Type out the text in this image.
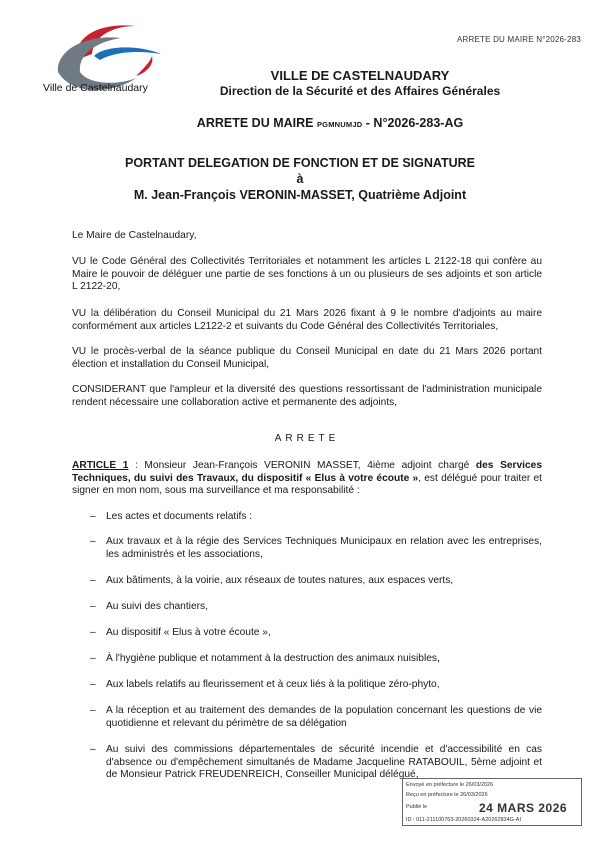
ARRETE DU MAIRE N°2026-283
Ville de Castelnaudary
VILLE DE CASTELNAUDARY
Direction de la Sécurité et des Affaires Générales
ARRETE DU MAIRE PGMNUMJD - N°2026-283-AG
PORTANT DELEGATION DE FONCTION ET DE SIGNATURE
à
M. Jean-François VERONIN-MASSET, Quatrième Adjoint
Le Maire de Castelnaudary,
VU le Code Général des Collectivités Territoriales et notamment les articles L 2122-18 qui confère au Maire le pouvoir de déléguer une partie de ses fonctions à un ou plusieurs de ses adjoints et son article L 2122-20,
VU la délibération du Conseil Municipal du 21 Mars 2026 fixant à 9 le nombre d'adjoints au maire conformément aux articles L2122-2 et suivants du Code Général des Collectivités Territoriales,
VU le procès-verbal de la séance publique du Conseil Municipal en date du 21 Mars 2026 portant élection et installation du Conseil Municipal,
CONSIDERANT que l'ampleur et la diversité des questions ressortissant de l'administration municipale rendent nécessaire une collaboration active et permanente des adjoints,
ARRETE
ARTICLE 1 : Monsieur Jean-François VERONIN MASSET, 4ième adjoint chargé des Services Techniques, du suivi des Travaux, du dispositif « Elus à votre écoute », est délégué pour traiter et signer en mon nom, sous ma surveillance et ma responsabilité :
– Les actes et documents relatifs :
– Aux travaux et à la régie des Services Techniques Municipaux en relation avec les entreprises, les administrés et les associations,
– Aux bâtiments, à la voirie, aux réseaux de toutes natures, aux espaces verts,
– Au suivi des chantiers,
– Au dispositif « Elus à votre écoute »,
– À l'hygiène publique et notamment à la destruction des animaux nuisibles,
– Aux labels relatifs au fleurissement et à ceux liés à la politique zéro-phyto,
– A la réception et au traitement des demandes de la population concernant les questions de vie quotidienne et relevant du périmètre de sa délégation
– Au suivi des commissions départementales de sécurité incendie et d'accessibilité en cas d'absence ou d'empêchement simultanés de Madame Jacqueline RATABOUIL, 5ème adjoint et de Monsieur Patrick FREUDENREICH, Conseiller Municipal délégué,
Envoyé en préfecture le 26/03/2026
Reçu en préfecture le 26/03/2026
Publié le	24 MARS 2026
ID : 011-211100763-20260324-A20262834G-AI
